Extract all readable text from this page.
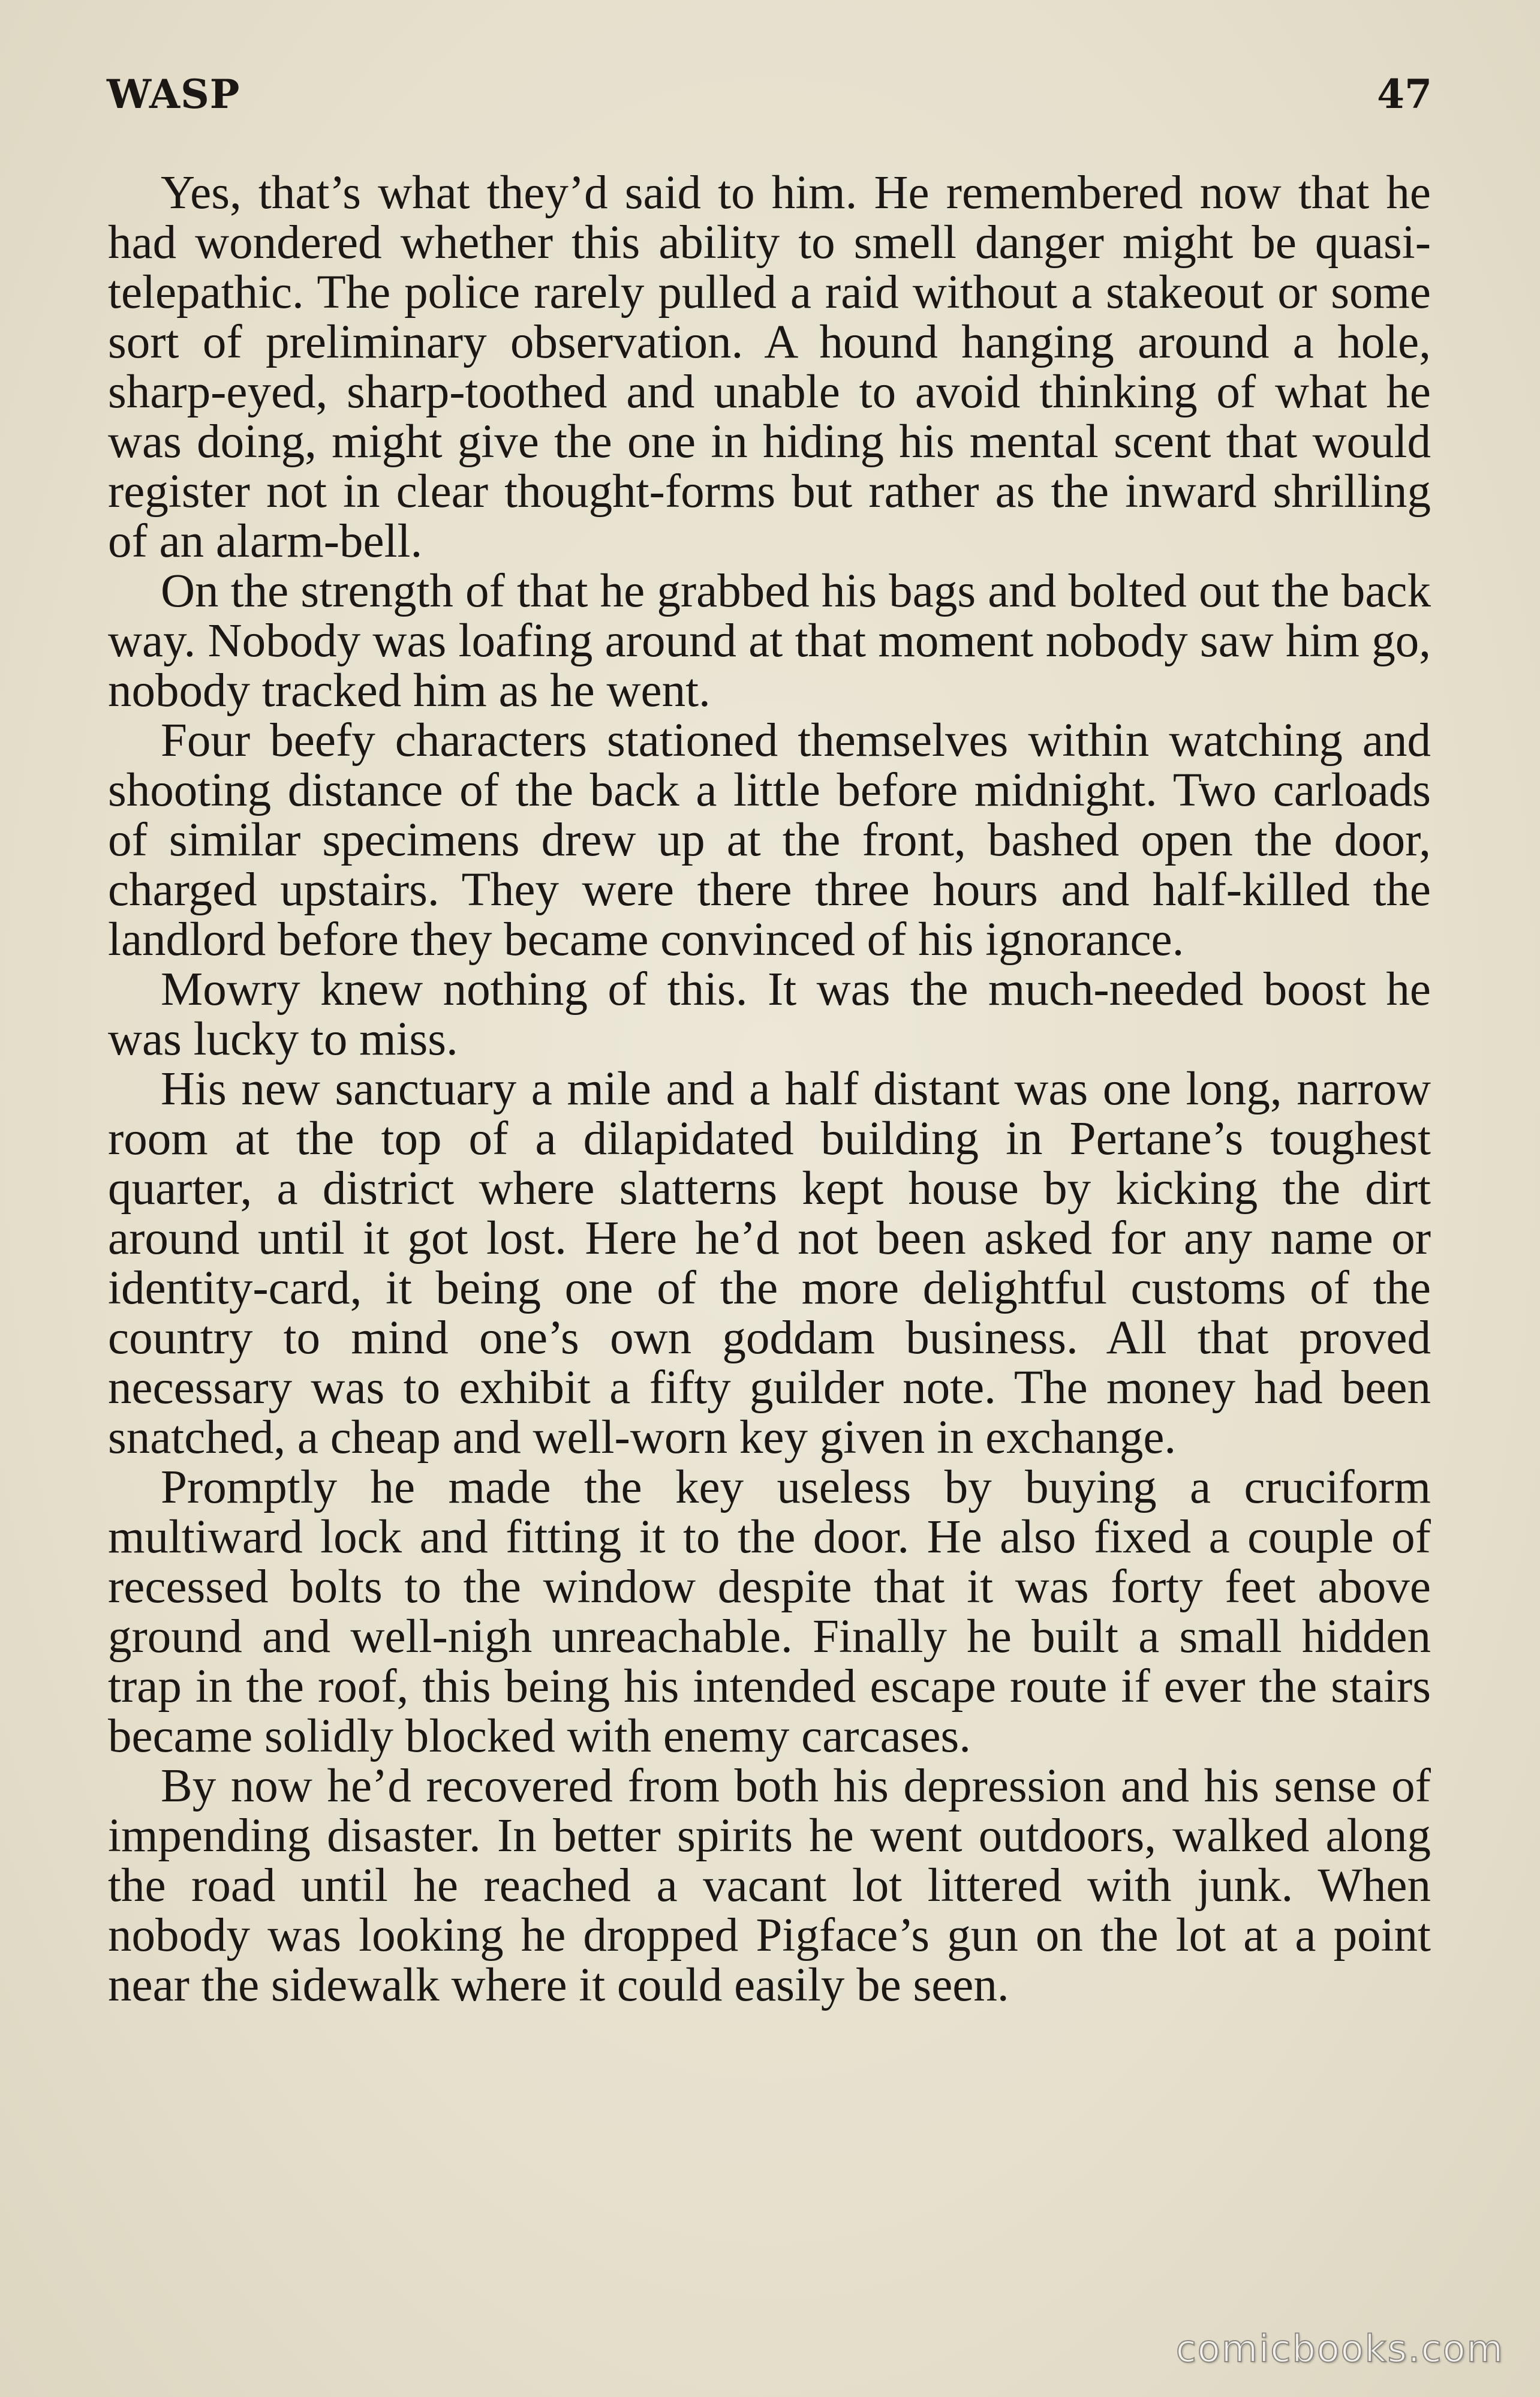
WASP	47

Yes, that’s what they’d said to him. He remembered now that he had wondered whether this ability to smell danger might be quasi-telepathic. The police rarely pulled a raid without a stakeout or some sort of preliminary observation. A hound hanging around a hole, sharp-eyed, sharp-toothed and unable to avoid thinking of what he was doing, might give the one in hiding his mental scent that would register not in clear thought-forms but rather as the inward shrilling of an alarm-bell.

On the strength of that he grabbed his bags and bolted out the back way. Nobody was loafing around at that moment nobody saw him go, nobody tracked him as he went.

Four beefy characters stationed themselves within watching and shooting distance of the back a little before midnight. Two carloads of similar specimens drew up at the front, bashed open the door, charged upstairs. They were there three hours and half-killed the landlord before they became convinced of his ignorance.

Mowry knew nothing of this. It was the much-needed boost he was lucky to miss.

His new sanctuary a mile and a half distant was one long, narrow room at the top of a dilapidated building in Pertane’s toughest quarter, a district where slatterns kept house by kicking the dirt around until it got lost. Here he’d not been asked for any name or identity-card, it being one of the more delightful customs of the country to mind one’s own goddam business. All that proved necessary was to exhibit a fifty guilder note. The money had been snatched, a cheap and well-worn key given in exchange.

Promptly he made the key useless by buying a cruciform multiward lock and fitting it to the door. He also fixed a couple of recessed bolts to the window despite that it was forty feet above ground and well-nigh unreachable. Finally he built a small hidden trap in the roof, this being his intended escape route if ever the stairs became solidly blocked with enemy carcases.

By now he’d recovered from both his depression and his sense of impending disaster. In better spirits he went outdoors, walked along the road until he reached a vacant lot littered with junk. When nobody was looking he dropped Pigface’s gun on the lot at a point near the sidewalk where it could easily be seen.

comicbooks.com
